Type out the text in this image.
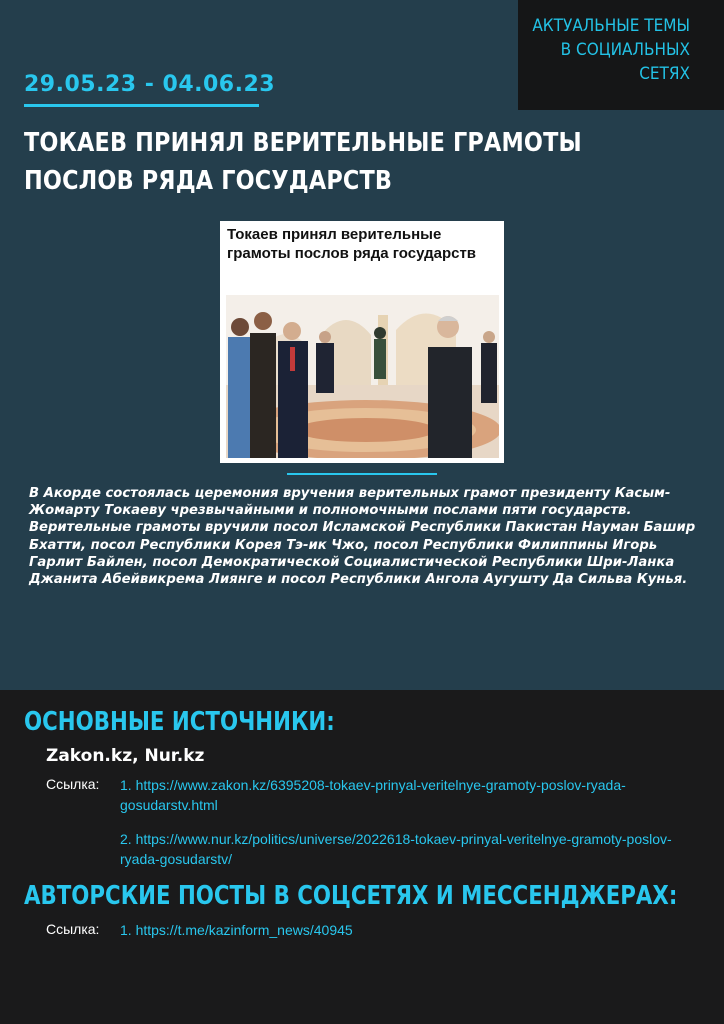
АКТУАЛЬНЫЕ ТЕМЫ
В СОЦИАЛЬНЫХ
СЕТЯХ
29.05.23 - 04.06.23
ТОКАЕВ ПРИНЯЛ ВЕРИТЕЛЬНЫЕ ГРАМОТЫ ПОСЛОВ РЯДА ГОСУДАРСТВ
Токаев принял верительные грамоты послов ряда государств

В Акорде состоялась церемония вручения верительных грамот президенту Касым-Жомарту Токаеву чрезвычайными и полномочными послами пяти государств.

Верительные грамоты вручили посол Исламской Республики Пакистан Науман Башир Бхатти, посол Республики Корея Тэ-ик Чжо, посол Республики Филиппины Игорь Гарлит Байлен, посол Демократической Социалистической Республики Шри-Ланка Джанита Абейвикрема Лиянге и посол Республики Ангола Аугушту Да Сильва Кунья.

ОСНОВНЫЕ ИСТОЧНИКИ:
Zakon.kz, Nur.kz
Ссылка: 1. https://www.zakon.kz/6395208-tokaev-prinyal-veritelnye-gramoty-poslov-ryada-gosudarstv.html
2. https://www.nur.kz/politics/universe/2022618-tokaev-prinyal-veritelnye-gramoty-poslov-ryada-gosudarstv/
АВТОРСКИЕ ПОСТЫ В СОЦСЕТЯХ И МЕССЕНДЖЕРАХ:
Ссылка: 1. https://t.me/kazinform_news/40945
